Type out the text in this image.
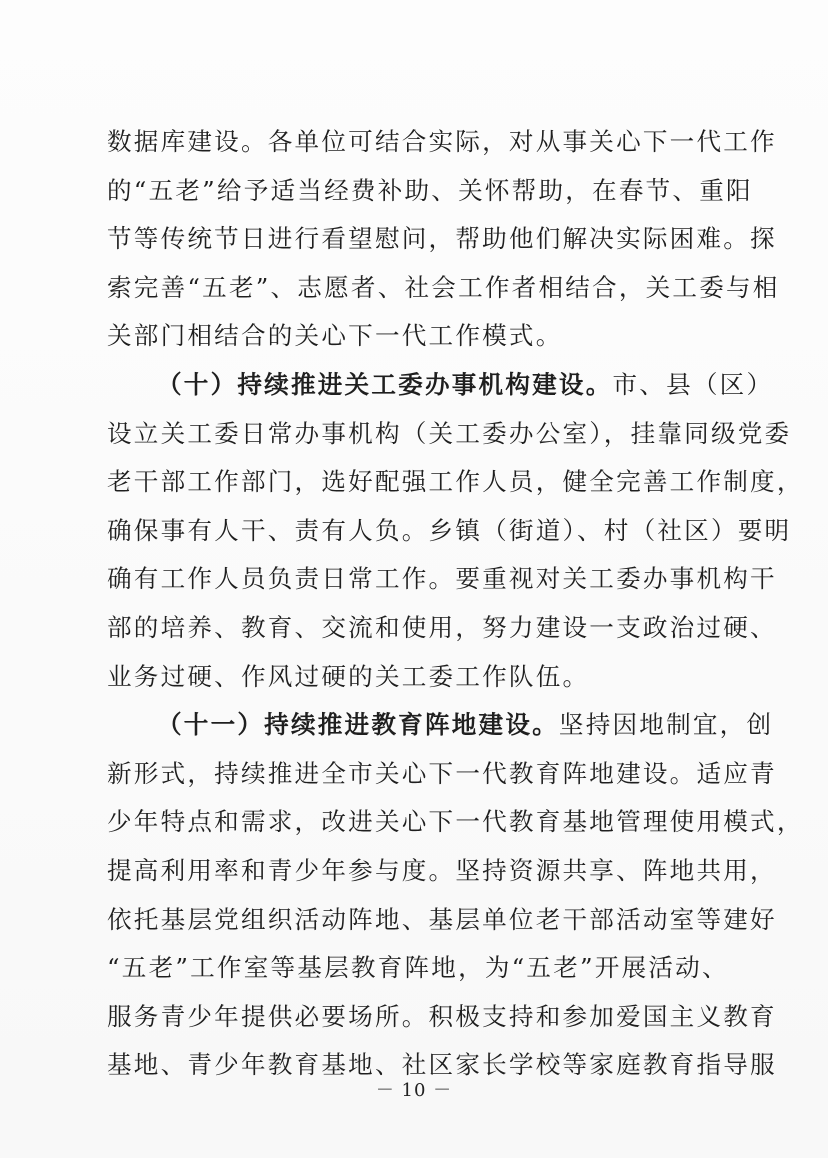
数据库建设。各单位可结合实际，对从事关心下一代工作
的“五老”给予适当经费补助、关怀帮助，在春节、重阳
节等传统节日进行看望慰问，帮助他们解决实际困难。探
索完善“五老”、志愿者、社会工作者相结合，关工委与相
关部门相结合的关心下一代工作模式。

（十）持续推进关工委办事机构建设。市、县（区）
设立关工委日常办事机构（关工委办公室），挂靠同级党委
老干部工作部门，选好配强工作人员，健全完善工作制度，
确保事有人干、责有人负。乡镇（街道）、村（社区）要明
确有工作人员负责日常工作。要重视对关工委办事机构干
部的培养、教育、交流和使用，努力建设一支政治过硬、
业务过硬、作风过硬的关工委工作队伍。

（十一）持续推进教育阵地建设。坚持因地制宜，创
新形式，持续推进全市关心下一代教育阵地建设。适应青
少年特点和需求，改进关心下一代教育基地管理使用模式，
提高利用率和青少年参与度。坚持资源共享、阵地共用，
依托基层党组织活动阵地、基层单位老干部活动室等建好
“五老”工作室等基层教育阵地，为“五老”开展活动、
服务青少年提供必要场所。积极支持和参加爱国主义教育
基地、青少年教育基地、社区家长学校等家庭教育指导服

－ 10 －
